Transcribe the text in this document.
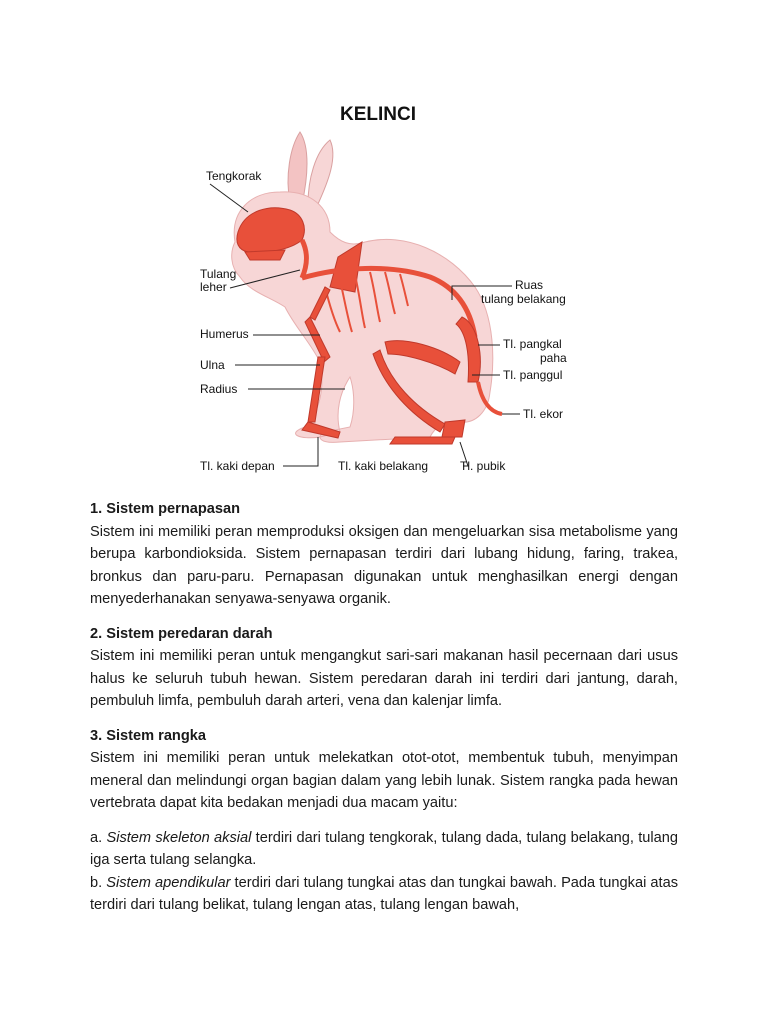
KELINCI
Tengkorak
Tulang
leher
Humerus
Ulna
Radius
Ruas
tulang belakang
Tl. pangkal
paha
Tl. panggul
Tl. ekor
Tl. kaki depan	Tl. kaki belakang	Tl. pubik
1. Sistem pernapasan
Sistem ini memiliki peran memproduksi oksigen dan mengeluarkan sisa metabolisme yang berupa karbondioksida. Sistem pernapasan terdiri dari lubang hidung, faring, trakea, bronkus dan paru-paru. Pernapasan digunakan untuk menghasilkan energi dengan menyederhanakan senyawa-senyawa organik.
2. Sistem peredaran darah
Sistem ini memiliki peran untuk mengangkut sari-sari makanan hasil pecernaan dari usus halus ke seluruh tubuh hewan. Sistem peredaran darah ini terdiri dari jantung, darah, pembuluh limfa, pembuluh darah arteri, vena dan kalenjar limfa.
3. Sistem rangka
Sistem ini memiliki peran untuk melekatkan otot-otot, membentuk tubuh, menyimpan meneral dan melindungi organ bagian dalam yang lebih lunak. Sistem rangka pada hewan vertebrata dapat kita bedakan menjadi dua macam yaitu:
a. Sistem skeleton aksial terdiri dari tulang tengkorak, tulang dada, tulang belakang, tulang iga serta tulang selangka.
b. Sistem apendikular terdiri dari tulang tungkai atas dan tungkai bawah. Pada tungkai atas terdiri dari tulang belikat, tulang lengan atas, tulang lengan bawah,
